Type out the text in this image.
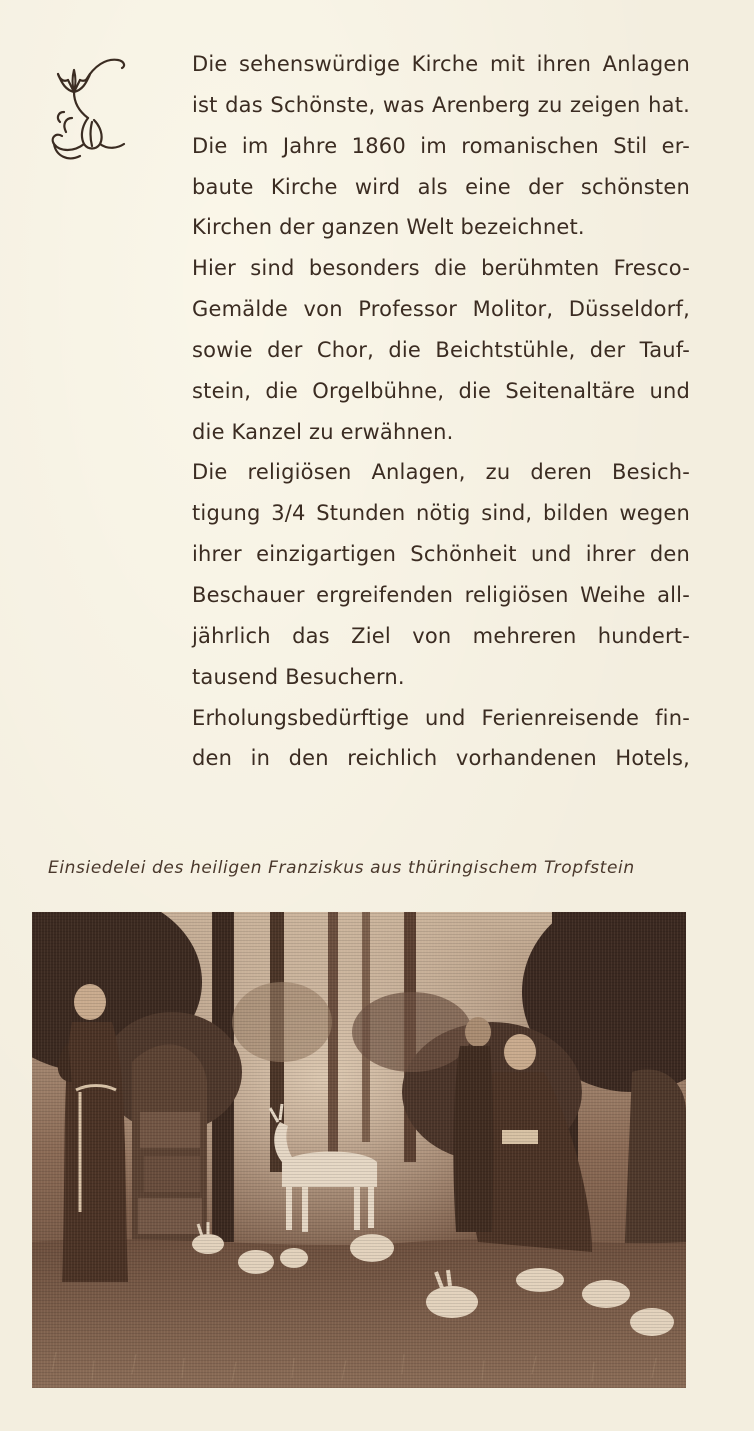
Die sehenswürdige Kirche mit ihren Anlagen
ist das Schönste, was Arenberg zu zeigen hat.
Die im Jahre 1860 im romanischen Stil er-
baute Kirche wird als eine der schönsten
Kirchen der ganzen Welt bezeichnet.

Hier sind besonders die berühmten Fresco-
Gemälde von Professor Molitor, Düsseldorf,
sowie der Chor, die Beichtstühle, der Tauf-
stein, die Orgelbühne, die Seitenaltäre und
die Kanzel zu erwähnen.

Die religiösen Anlagen, zu deren Besich-
tigung 3/4 Stunden nötig sind, bilden wegen
ihrer einzigartigen Schönheit und ihrer den
Beschauer ergreifenden religiösen Weihe all-
jährlich das Ziel von mehreren hundert-
tausend Besuchern.

Erholungsbedürftige und Ferienreisende fin-
den in den reichlich vorhandenen Hotels,

Einsiedelei des heiligen Franziskus aus thüringischem Tropfstein
